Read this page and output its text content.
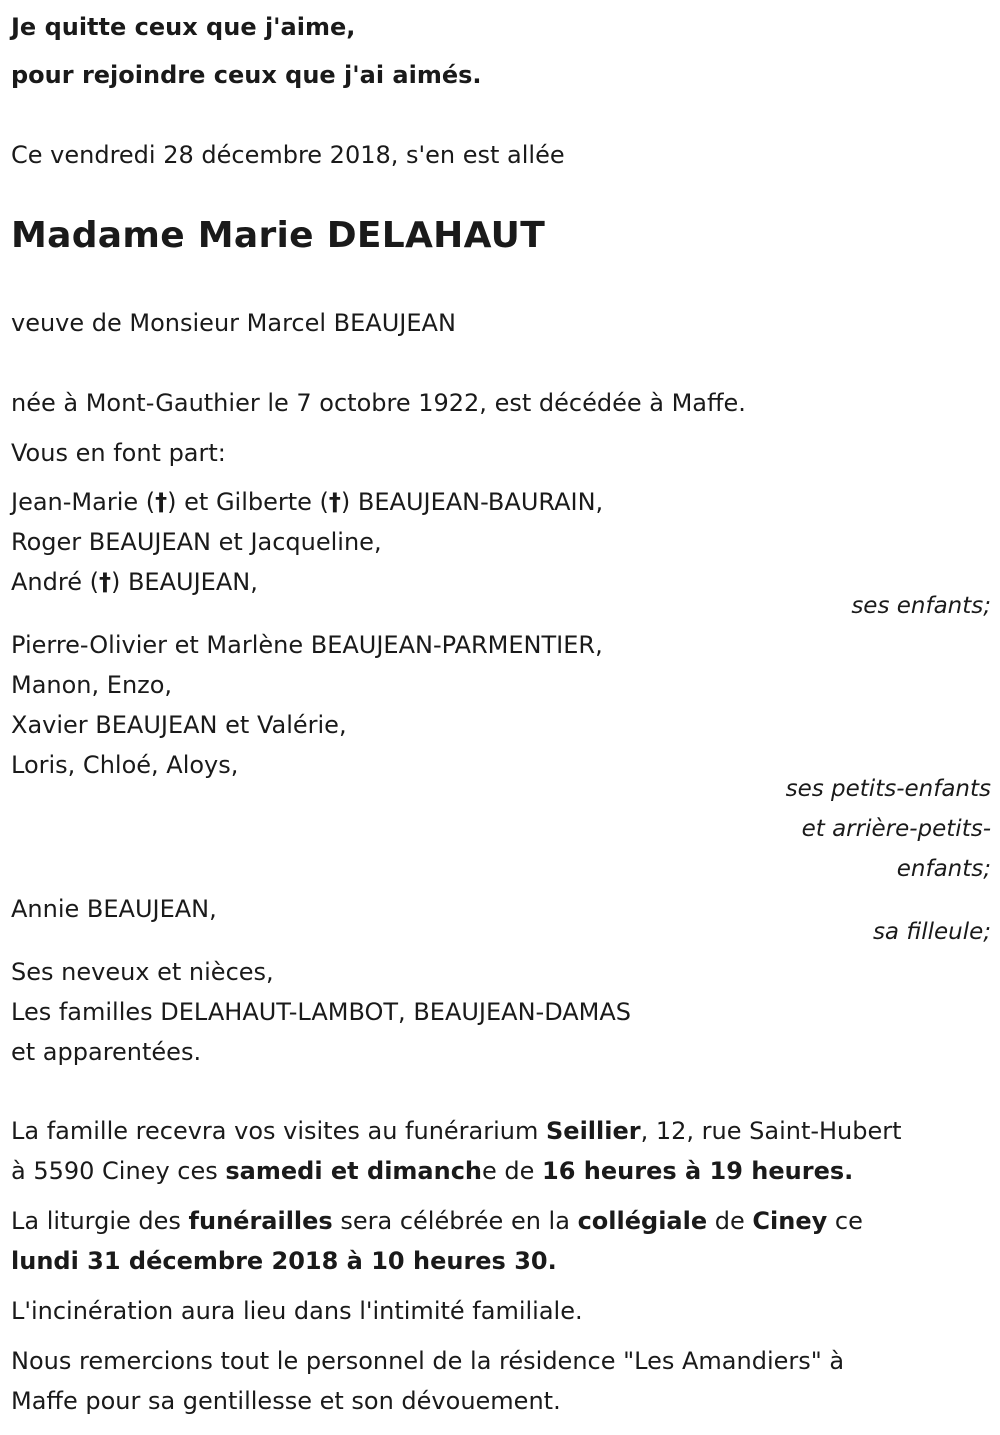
Je quitte ceux que j'aime,
pour rejoindre ceux que j'ai aimés.
Ce vendredi 28 décembre 2018, s'en est allée
Madame Marie DELAHAUT
veuve de Monsieur Marcel BEAUJEAN
née à Mont-Gauthier le 7 octobre 1922, est décédée à Maffe.
Vous en font part:
Jean-Marie (†) et Gilberte (†) BEAUJEAN-BAURAIN,
Roger BEAUJEAN et Jacqueline,
André (†) BEAUJEAN,
ses enfants;
Pierre-Olivier et Marlène BEAUJEAN-PARMENTIER,
Manon, Enzo,
Xavier BEAUJEAN et Valérie,
Loris, Chloé, Aloys,
ses petits-enfants
et arrière-petits-
enfants;
Annie BEAUJEAN,
sa filleule;
Ses neveux et nièces,
Les familles DELAHAUT-LAMBOT, BEAUJEAN-DAMAS
et apparentées.
La famille recevra vos visites au funérarium Seillier, 12, rue Saint-Hubert
à 5590 Ciney ces samedi et dimanche de 16 heures à 19 heures.
La liturgie des funérailles sera célébrée en la collégiale de Ciney ce
lundi 31 décembre 2018 à 10 heures 30.
L'incinération aura lieu dans l'intimité familiale.
Nous remercions tout le personnel de la résidence "Les Amandiers" à
Maffe pour sa gentillesse et son dévouement.
